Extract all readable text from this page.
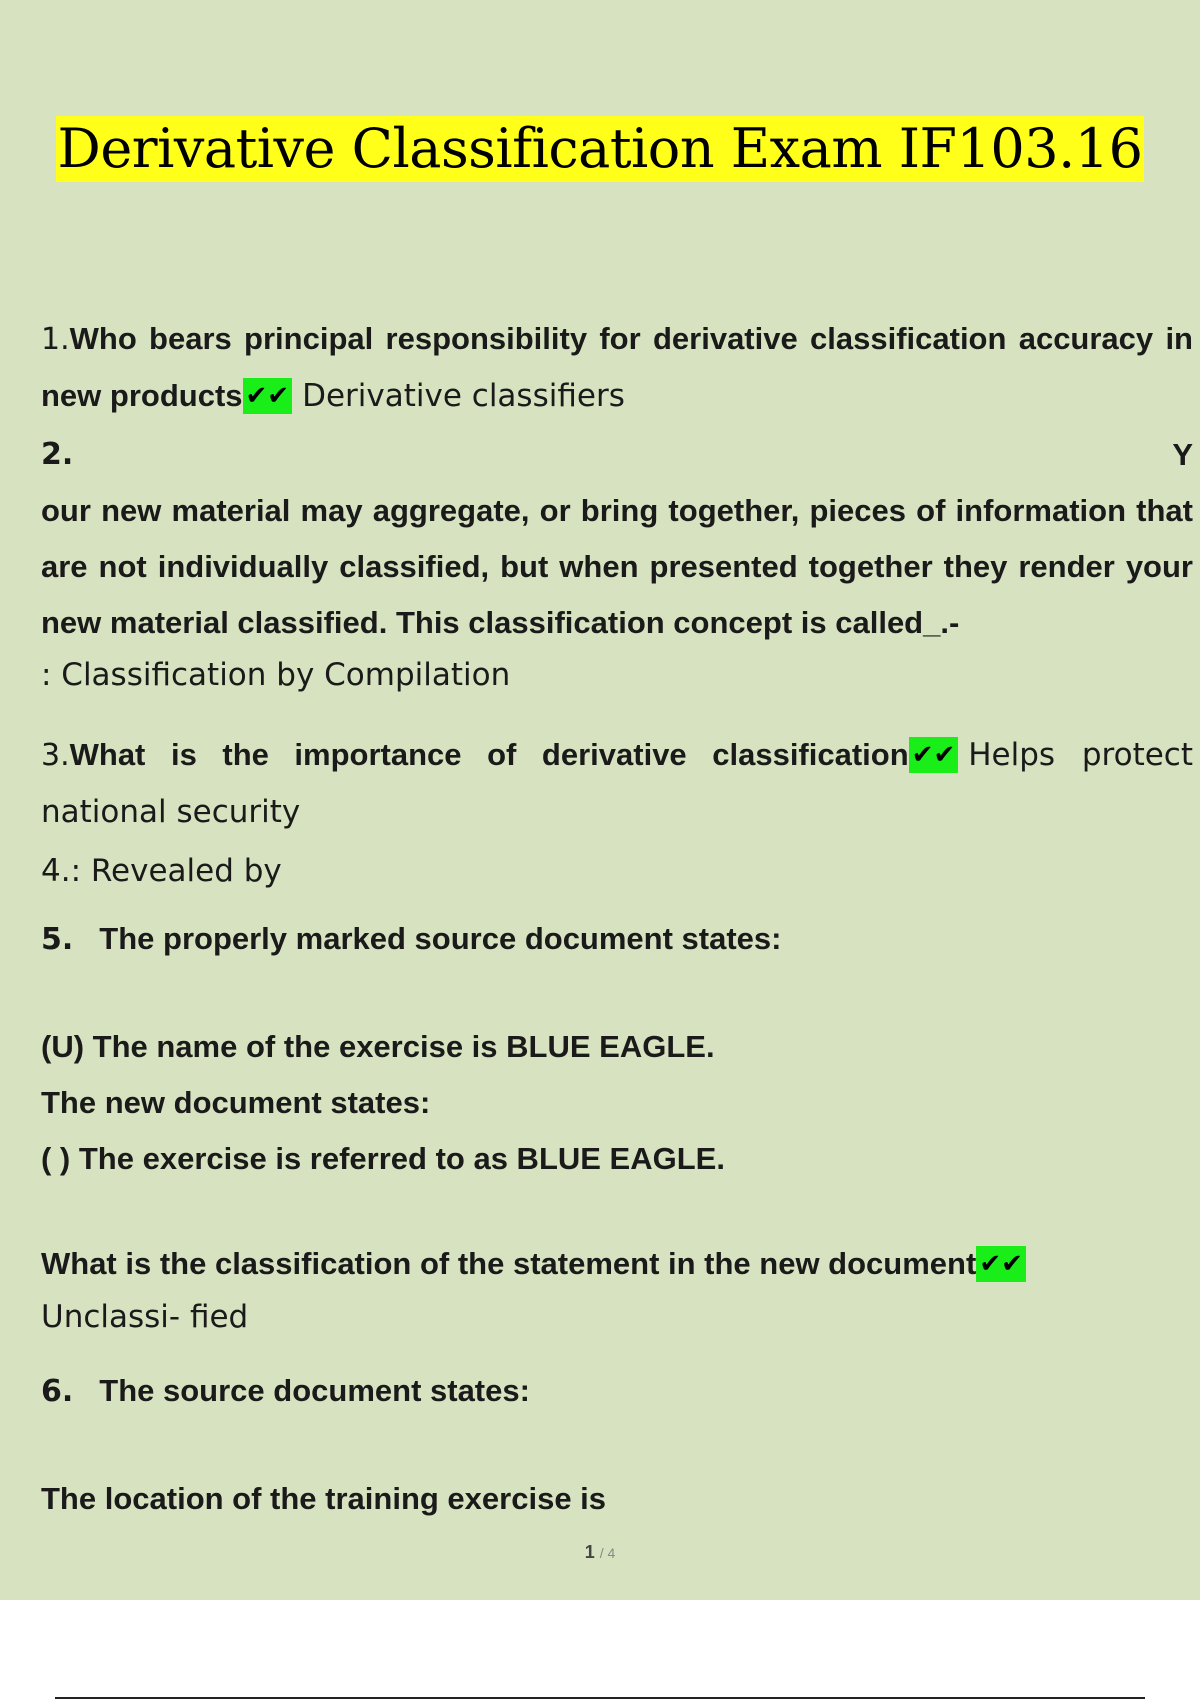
Derivative Classification Exam IF103.16

1.Who bears principal responsibility for derivative classification accuracy in new products ✔✔ Derivative classifiers

2.	Y

our new material may aggregate, or bring together, pieces of information that are not individually classified, but when presented together they render your new material classified. This classification concept is called_.-

: Classification by Compilation

3.What is the importance of derivative classification ✔✔ Helps protect national security

4.: Revealed by
5. The properly marked source document states:
(U) The name of the exercise is BLUE EAGLE.
The new document states:
( ) The exercise is referred to as BLUE EAGLE.
What is the classification of the statement in the new document ✔✔
Unclassi- fied
6. The source document states:
The location of the training exercise is
1 / 4
